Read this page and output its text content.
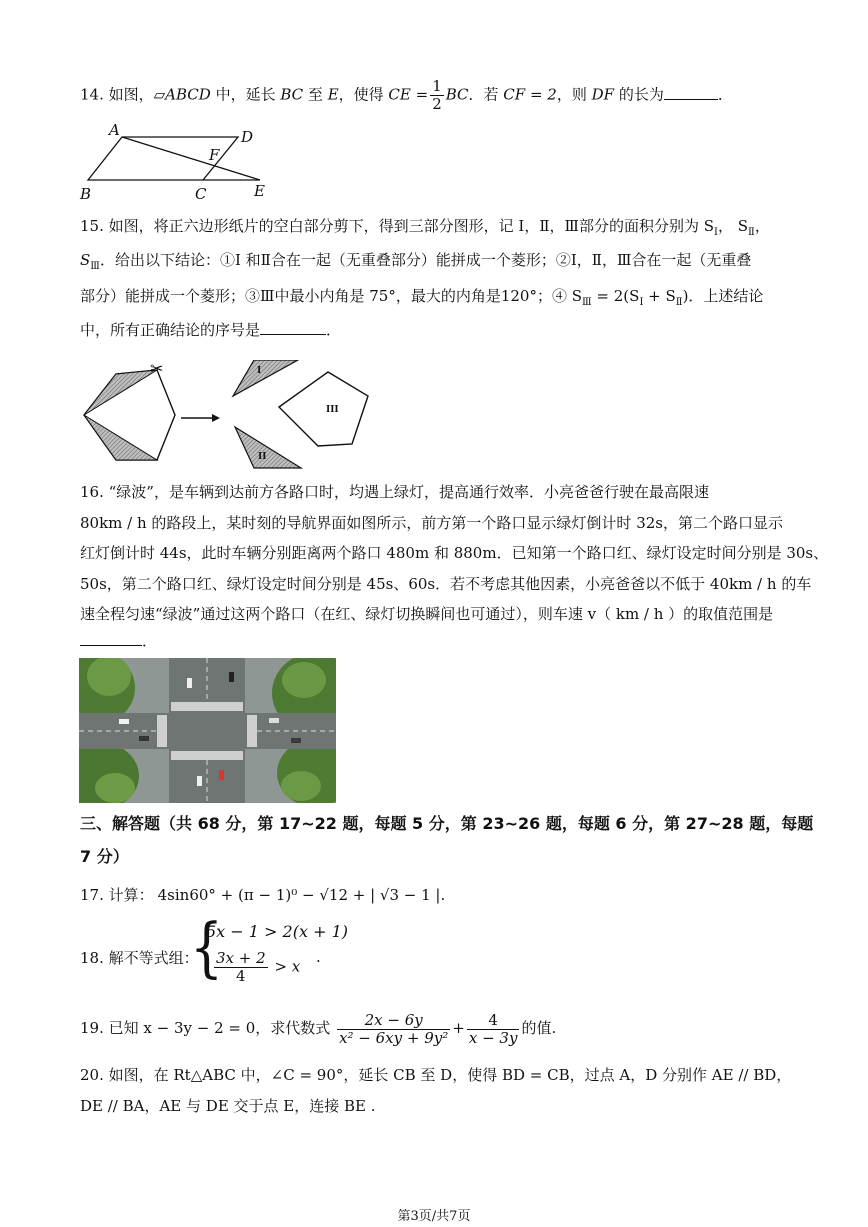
14. 如图，▱ABCD 中，延长 BC 至 E，使得 CE = $\frac{1}{2}$ BC．若 CF = 2，则 DF 的长为	．
A	D
F
B	C	E
15. 如图，将正六边形纸片的空白部分剪下，得到三部分图形，记 I，Ⅱ，Ⅲ部分的面积分别为 $S_Ⅰ$， $S_Ⅱ$，
$S_Ⅲ$．给出以下结论：①I 和Ⅱ合在一起（无重叠部分）能拼成一个菱形；②I，Ⅱ，Ⅲ合在一起（无重叠
部分）能拼成一个菱形；③Ⅲ中最小内角是 75°，最大的内角是120°；④ $S_Ⅲ = 2(S_Ⅰ + S_Ⅱ)$．上述结论
中，所有正确结论的序号是	．
✂	I
II
III
16. “绿波”，是车辆到达前方各路口时，均遇上绿灯，提高通行效率．小亮爸爸行驶在最高限速
80km / h 的路段上，某时刻的导航界面如图所示，前方第一个路口显示绿灯倒计时 32s，第二个路口显示
红灯倒计时 44s，此时车辆分别距离两个路口 480m 和 880m．已知第一个路口红、绿灯设定时间分别是 30s、
50s，第二个路口红、绿灯设定时间分别是 45s、60s．若不考虑其他因素，小亮爸爸以不低于 40km / h 的车
速全程匀速“绿波”通过这两个路口（在红、绿灯切换瞬间也可通过），则车速 v（ km / h ）的取值范围是
．
三、解答题（共 68 分，第 17~22 题，每题 5 分，第 23~26 题，每题 6 分，第 27~28 题，每题
7 分）
17. 计算： 4sin60° + (π − 1)⁰ − √12 + | √3 − 1 |.
18. 解不等式组：
{
5x − 1 > 2(x + 1)
$\frac{3x + 2}{4} > x$
.
19. 已知 x − 3y − 2 = 0，求代数式 $\frac{2x - 6y}{\text{x² − 6xy + 9y²}} + \frac{4}{x - 3y}$ 的值.
20. 如图，在 Rt△ABC 中，∠C = 90°，延长 CB 至 D，使得 BD = CB，过点 A，D 分别作 AE // BD，
DE // BA，AE 与 DE 交于点 E，连接 BE .
第3页/共7页
